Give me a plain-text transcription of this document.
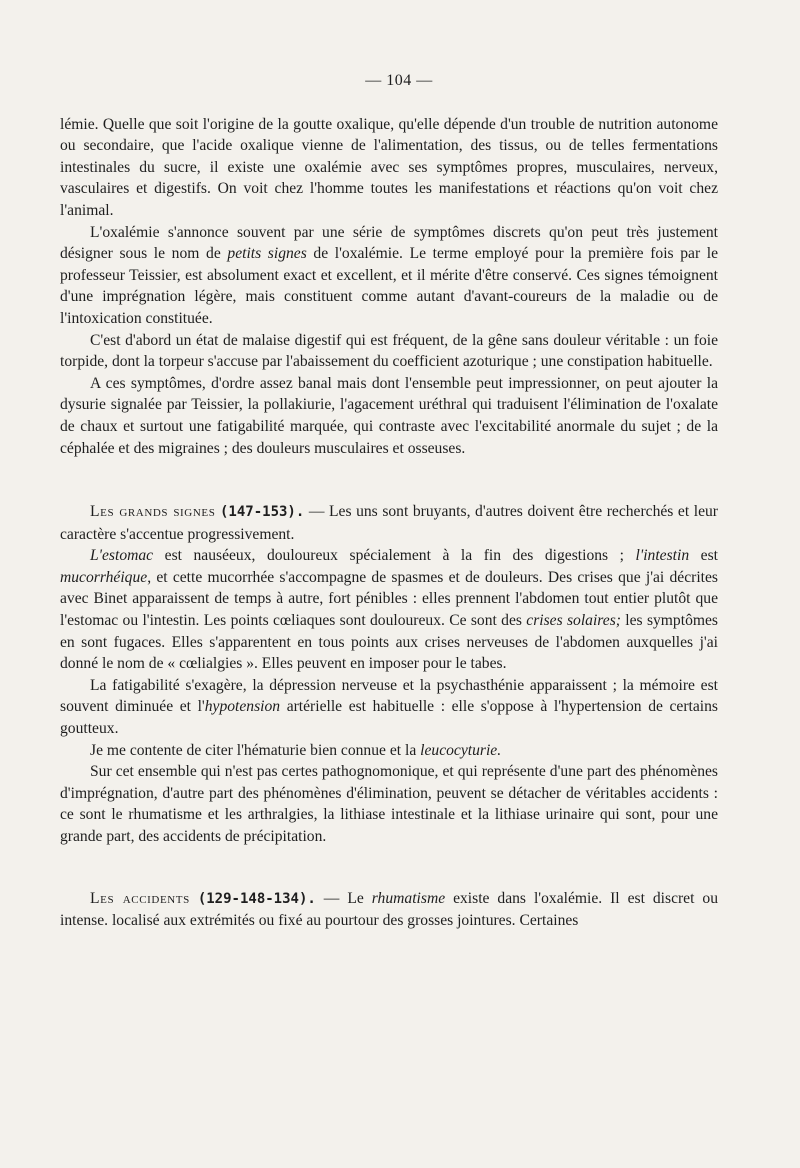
— 104 —

lémie. Quelle que soit l'origine de la goutte oxalique, qu'elle dépende d'un trouble de nutrition autonome ou secondaire, que l'acide oxalique vienne de l'alimentation, des tissus, ou de telles fermentations intestinales du sucre, il existe une oxalémie avec ses symptômes propres, musculaires, nerveux, vasculaires et digestifs. On voit chez l'homme toutes les manifestations et réactions qu'on voit chez l'animal.

L'oxalémie s'annonce souvent par une série de symptômes discrets qu'on peut très justement désigner sous le nom de petits signes de l'oxalémie. Le terme employé pour la première fois par le professeur Teissier, est absolument exact et excellent, et il mérite d'être conservé. Ces signes témoignent d'une imprégnation légère, mais constituent comme autant d'avant-coureurs de la maladie ou de l'intoxication constituée.

C'est d'abord un état de malaise digestif qui est fréquent, de la gêne sans douleur véritable : un foie torpide, dont la torpeur s'accuse par l'abaissement du coefficient azoturique ; une constipation habituelle.

A ces symptômes, d'ordre assez banal mais dont l'ensemble peut impressionner, on peut ajouter la dysurie signalée par Teissier, la pollakiurie, l'agacement uréthral qui traduisent l'élimination de l'oxalate de chaux et surtout une fatigabilité marquée, qui contraste avec l'excitabilité anormale du sujet ; de la céphalée et des migraines ; des douleurs musculaires et osseuses.

Les grands signes (147-153). — Les uns sont bruyants, d'autres doivent être recherchés et leur caractère s'accentue progressivement.

L'estomac est nauséeux, douloureux spécialement à la fin des digestions ; l'intestin est mucorrhéique, et cette mucorrhée s'accompagne de spasmes et de douleurs. Des crises que j'ai décrites avec Binet apparaissent de temps à autre, fort pénibles : elles prennent l'abdomen tout entier plutôt que l'estomac ou l'intestin. Les points cœliaques sont douloureux. Ce sont des crises solaires; les symptômes en sont fugaces. Elles s'apparentent en tous points aux crises nerveuses de l'abdomen auxquelles j'ai donné le nom de « cœlialgies ». Elles peuvent en imposer pour le tabes.

La fatigabilité s'exagère, la dépression nerveuse et la psychasthénie apparaissent ; la mémoire est souvent diminuée et l'hypotension artérielle est habituelle : elle s'oppose à l'hypertension de certains goutteux.

Je me contente de citer l'hématurie bien connue et la leucocyturie.

Sur cet ensemble qui n'est pas certes pathognomonique, et qui représente d'une part des phénomènes d'imprégnation, d'autre part des phénomènes d'élimination, peuvent se détacher de véritables accidents : ce sont le rhumatisme et les arthralgies, la lithiase intestinale et la lithiase urinaire qui sont, pour une grande part, des accidents de précipitation.

Les accidents (129-148-134). — Le rhumatisme existe dans l'oxalémie. Il est discret ou intense. localisé aux extrémités ou fixé au pourtour des grosses jointures. Certaines
